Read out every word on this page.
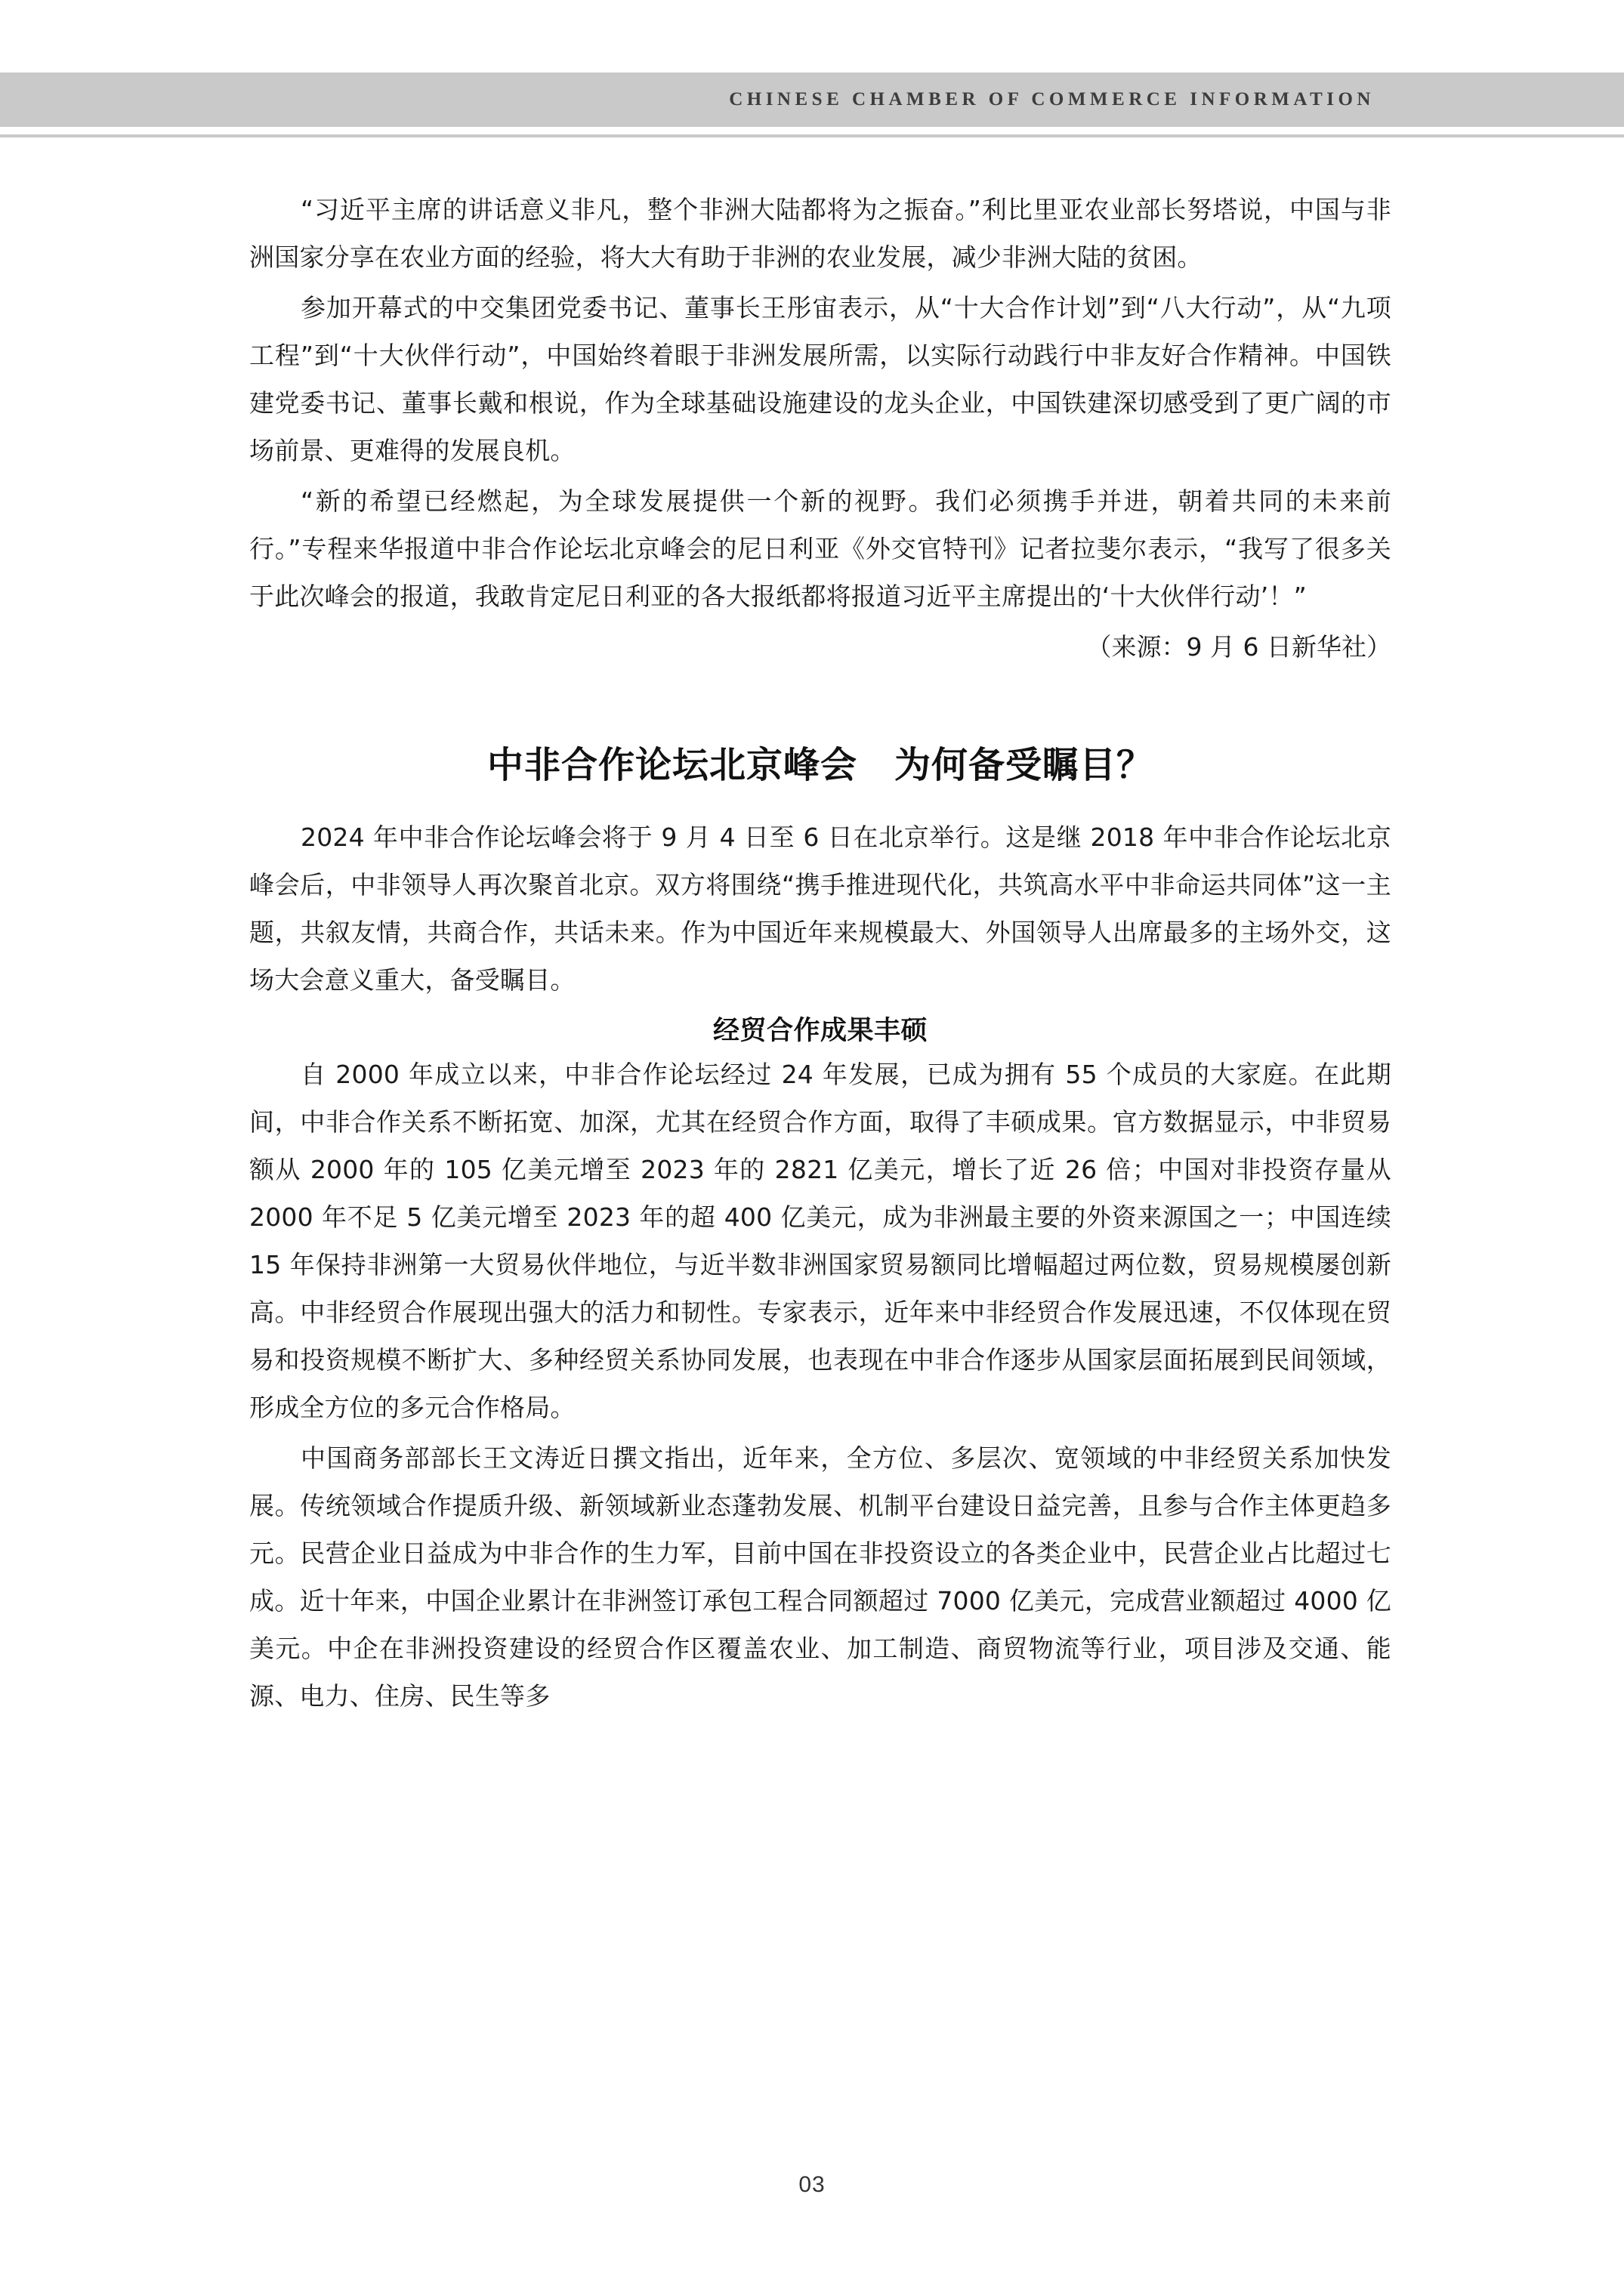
CHINESE CHAMBER OF COMMERCE INFORMATION

“习近平主席的讲话意义非凡，整个非洲大陆都将为之振奋。”利比里亚农业部长努塔说，中国与非洲国家分享在农业方面的经验，将大大有助于非洲的农业发展，减少非洲大陆的贫困。

参加开幕式的中交集团党委书记、董事长王彤宙表示，从“十大合作计划”到“八大行动”，从“九项工程”到“十大伙伴行动”，中国始终着眼于非洲发展所需，以实际行动践行中非友好合作精神。中国铁建党委书记、董事长戴和根说，作为全球基础设施建设的龙头企业，中国铁建深切感受到了更广阔的市场前景、更难得的发展良机。

“新的希望已经燃起，为全球发展提供一个新的视野。我们必须携手并进，朝着共同的未来前行。”专程来华报道中非合作论坛北京峰会的尼日利亚《外交官特刊》记者拉斐尔表示，“我写了很多关于此次峰会的报道，我敢肯定尼日利亚的各大报纸都将报道习近平主席提出的‘十大伙伴行动’！”

（来源：9 月 6 日新华社）

中非合作论坛北京峰会　为何备受瞩目？

2024 年中非合作论坛峰会将于 9 月 4 日至 6 日在北京举行。这是继 2018 年中非合作论坛北京峰会后，中非领导人再次聚首北京。双方将围绕“携手推进现代化，共筑高水平中非命运共同体”这一主题，共叙友情，共商合作，共话未来。作为中国近年来规模最大、外国领导人出席最多的主场外交，这场大会意义重大，备受瞩目。

经贸合作成果丰硕

自 2000 年成立以来，中非合作论坛经过 24 年发展，已成为拥有 55 个成员的大家庭。在此期间，中非合作关系不断拓宽、加深，尤其在经贸合作方面，取得了丰硕成果。官方数据显示，中非贸易额从 2000 年的 105 亿美元增至 2023 年的 2821 亿美元，增长了近 26 倍；中国对非投资存量从 2000 年不足 5 亿美元增至 2023 年的超 400 亿美元，成为非洲最主要的外资来源国之一；中国连续 15 年保持非洲第一大贸易伙伴地位，与近半数非洲国家贸易额同比增幅超过两位数，贸易规模屡创新高。中非经贸合作展现出强大的活力和韧性。专家表示，近年来中非经贸合作发展迅速，不仅体现在贸易和投资规模不断扩大、多种经贸关系协同发展，也表现在中非合作逐步从国家层面拓展到民间领域，形成全方位的多元合作格局。

中国商务部部长王文涛近日撰文指出，近年来，全方位、多层次、宽领域的中非经贸关系加快发展。传统领域合作提质升级、新领域新业态蓬勃发展、机制平台建设日益完善，且参与合作主体更趋多元。民营企业日益成为中非合作的生力军，目前中国在非投资设立的各类企业中，民营企业占比超过七成。近十年来，中国企业累计在非洲签订承包工程合同额超过 7000 亿美元，完成营业额超过 4000 亿美元。中企在非洲投资建设的经贸合作区覆盖农业、加工制造、商贸物流等行业，项目涉及交通、能源、电力、住房、民生等多

03
